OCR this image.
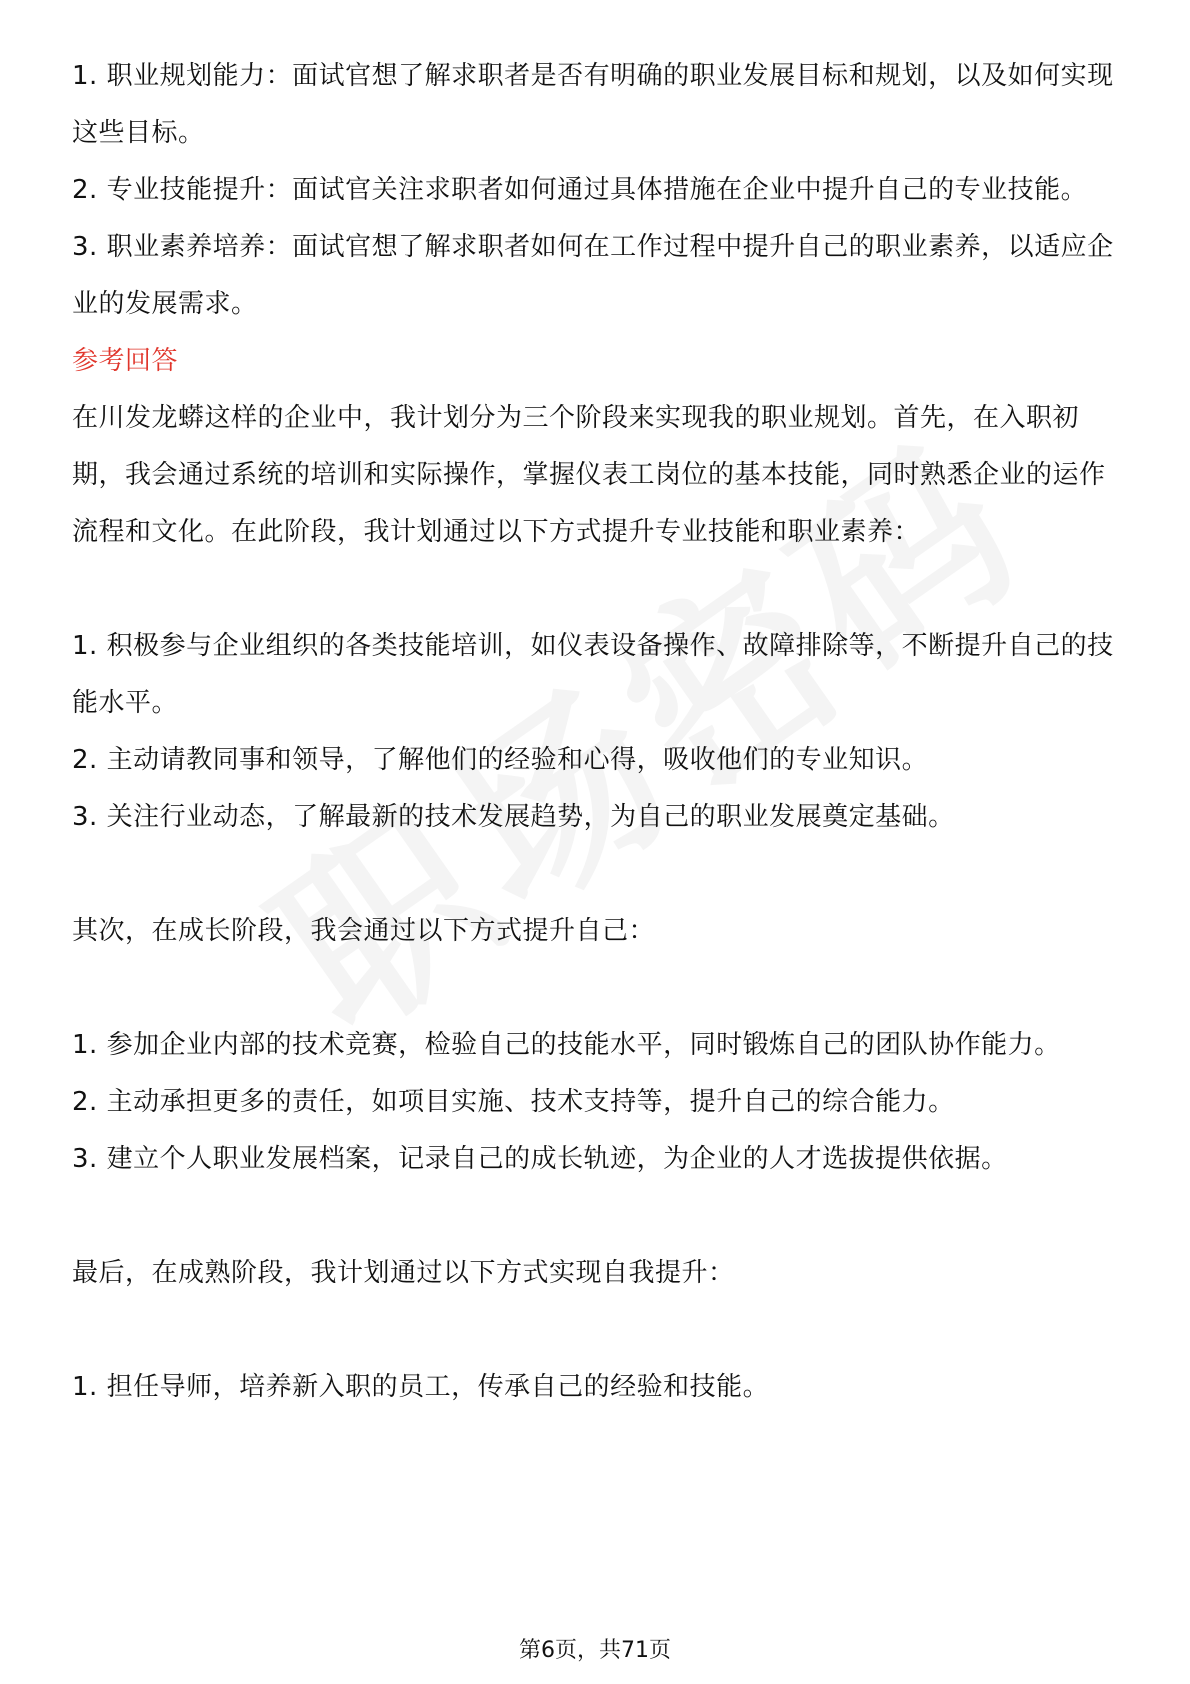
1. 职业规划能力：面试官想了解求职者是否有明确的职业发展目标和规划，以及如何实现这些目标。

2. 专业技能提升：面试官关注求职者如何通过具体措施在企业中提升自己的专业技能。

3. 职业素养培养：面试官想了解求职者如何在工作过程中提升自己的职业素养，以适应企业的发展需求。

参考回答

在川发龙蟒这样的企业中，我计划分为三个阶段来实现我的职业规划。首先，在入职初期，我会通过系统的培训和实际操作，掌握仪表工岗位的基本技能，同时熟悉企业的运作流程和文化。在此阶段，我计划通过以下方式提升专业技能和职业素养：

1. 积极参与企业组织的各类技能培训，如仪表设备操作、故障排除等，不断提升自己的技能水平。

2. 主动请教同事和领导，了解他们的经验和心得，吸收他们的专业知识。

3. 关注行业动态，了解最新的技术发展趋势，为自己的职业发展奠定基础。

其次，在成长阶段，我会通过以下方式提升自己：

1. 参加企业内部的技术竞赛，检验自己的技能水平，同时锻炼自己的团队协作能力。

2. 主动承担更多的责任，如项目实施、技术支持等，提升自己的综合能力。

3. 建立个人职业发展档案，记录自己的成长轨迹，为企业的人才选拔提供依据。

最后，在成熟阶段，我计划通过以下方式实现自我提升：

1. 担任导师，培养新入职的员工，传承自己的经验和技能。

第6页，共71页
